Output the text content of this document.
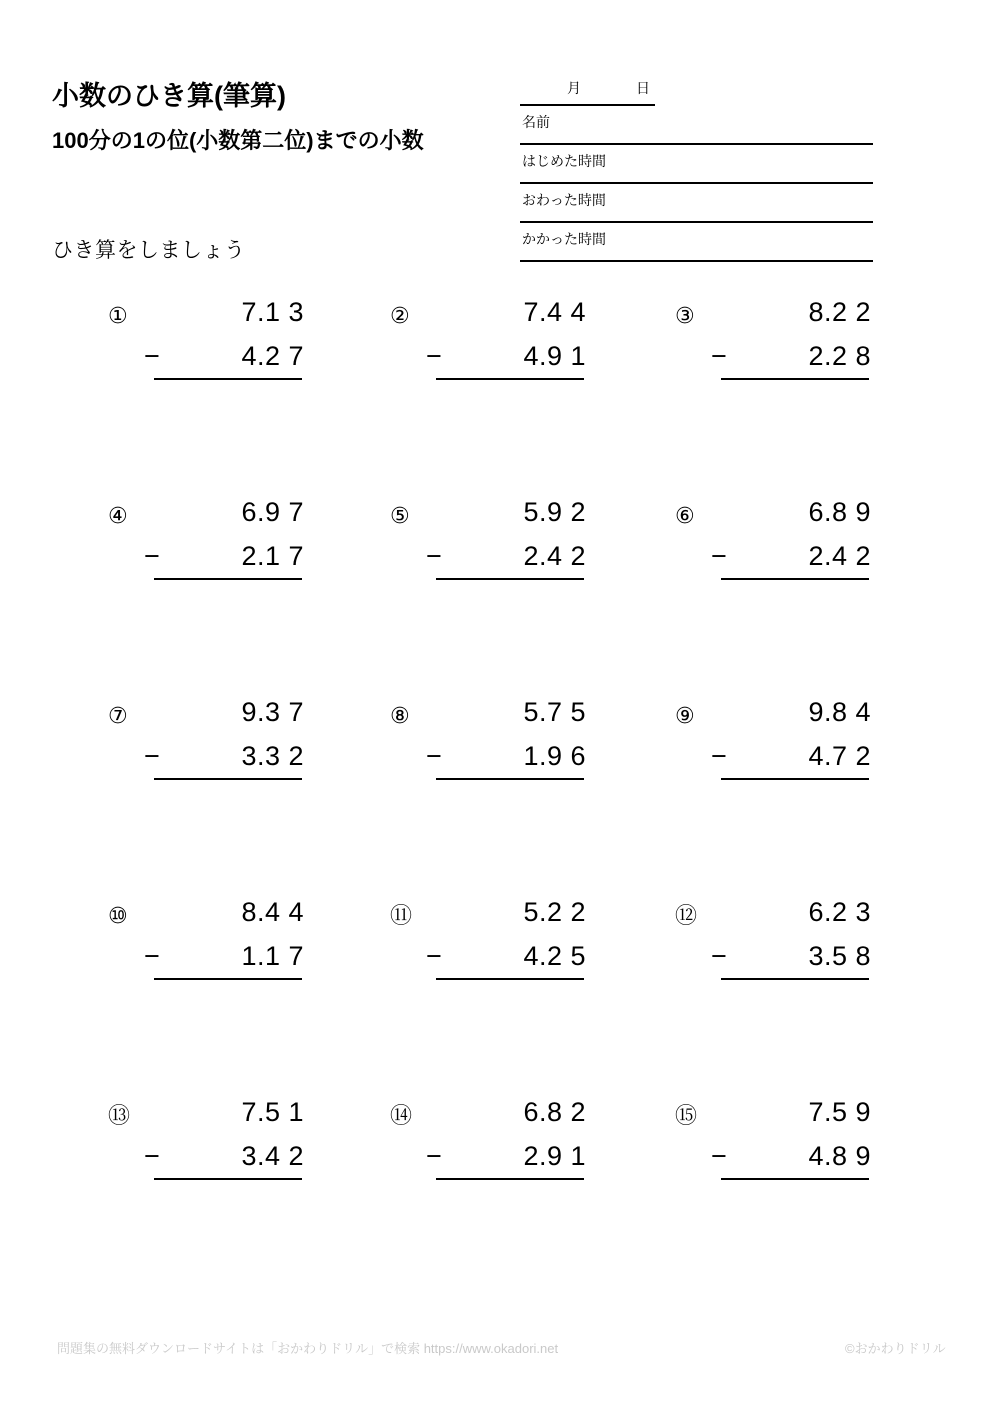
小数のひき算(筆算)
100分の1の位(小数第二位)までの小数
ひき算をしましょう
月	日
名前
はじめた時間
おわった時間
かかった時間
①	7.1 3
−	4.2 7
②	7.4 4
−	4.9 1
③	8.2 2
−	2.2 8
④	6.9 7
−	2.1 7
⑤	5.9 2
−	2.4 2
⑥	6.8 9
−	2.4 2
⑦	9.3 7
−	3.3 2
⑧	5.7 5
−	1.9 6
⑨	9.8 4
−	4.7 2
⑩	8.4 4
−	1.1 7
⑪	5.2 2
−	4.2 5
⑫	6.2 3
−	3.5 8
⑬	7.5 1
−	3.4 2
⑭	6.8 2
−	2.9 1
⑮	7.5 9
−	4.8 9
問題集の無料ダウンロードサイトは「おかわりドリル」で検索 https://www.okadori.net	©おかわりドリル
